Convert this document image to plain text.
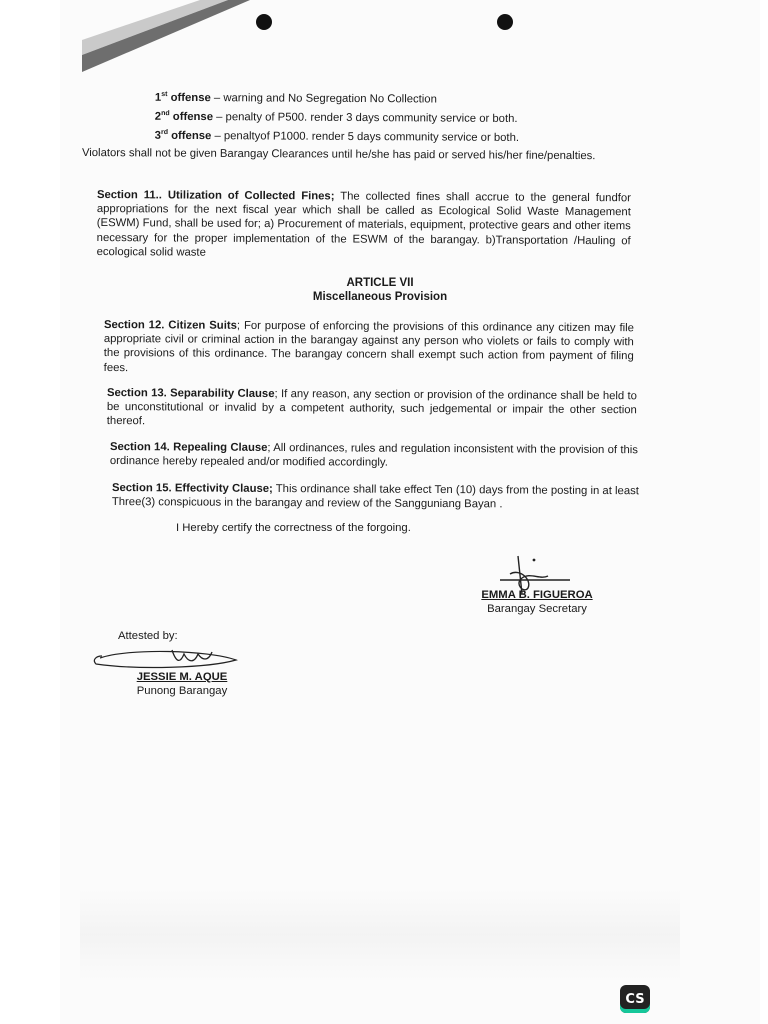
1st offense – warning and No Segregation No Collection
2nd offense – penalty of P500. render 3 days community service or both.
3rd offense – penaltyof P1000. render 5 days community service or both.

Violators shall not be given Barangay Clearances until he/she has paid or served his/her fine/penalties.

Section 11.. Utilization of Collected Fines; The collected fines shall accrue to the general fundfor appropriations for the next fiscal year which shall be called as Ecological Solid Waste Management (ESWM) Fund, shall be used for; a) Procurement of materials, equipment, protective gears and other items necessary for the proper implementation of the ESWM of the barangay. b)Transportation /Hauling of ecological solid waste

ARTICLE VII

Miscellaneous Provision

Section 12. Citizen Suits; For purpose of enforcing the provisions of this ordinance any citizen may file appropriate civil or criminal action in the barangay against any person who violets or fails to comply with the provisions of this ordinance. The barangay concern shall exempt such action from payment of filing fees.

Section 13. Separability Clause; If any reason, any section or provision of the ordinance shall be held to be unconstitutional or invalid by a competent authority, such jedgemental or impair the other section thereof.

Section 14. Repealing Clause; All ordinances, rules and regulation inconsistent with the provision of this ordinance hereby repealed and/or modified accordingly.

Section 15. Effectivity Clause; This ordinance shall take effect Ten (10) days from the posting in at least Three(3) conspicuous in the barangay and review of the Sangguniang Bayan .

I Hereby certify the correctness of the forgoing.

EMMA B. FIGUEROA
Barangay Secretary

Attested by:

JESSIE M. AQUE
Punong Barangay
CS
